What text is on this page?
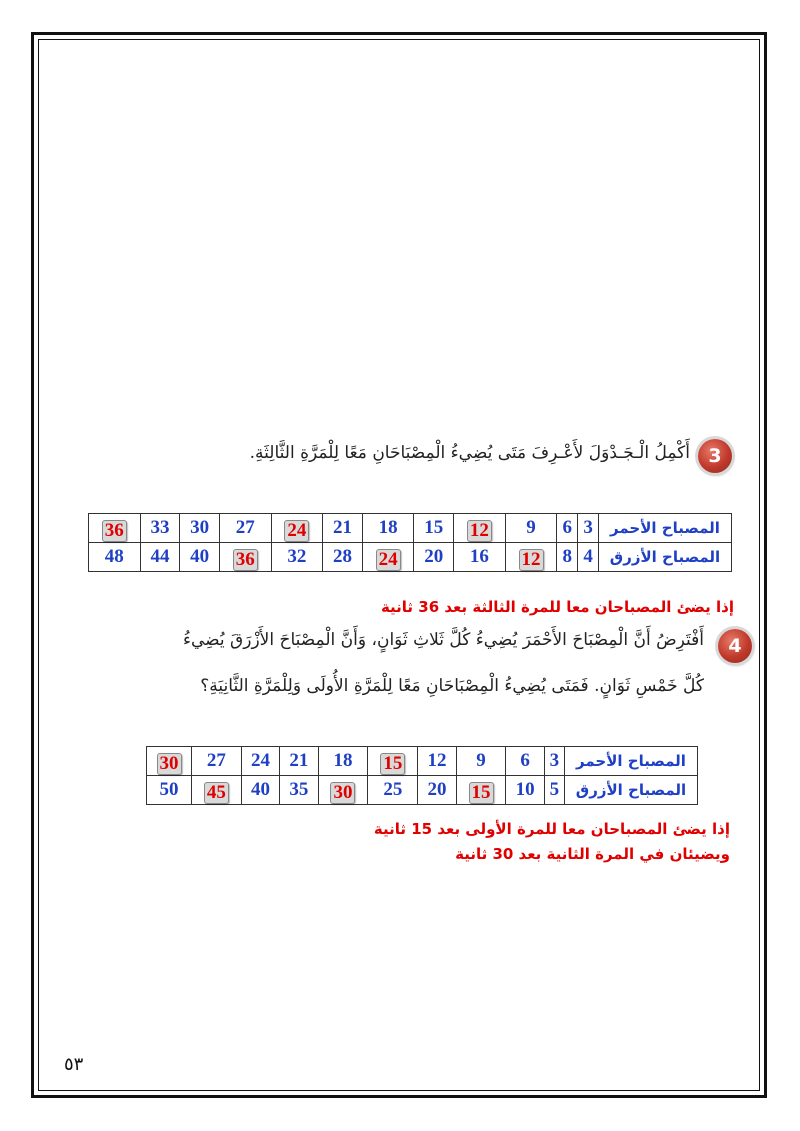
3
أَكْمِلُ الْـجَـدْوَلَ لأَعْـرِفَ مَتَى يُضِيءُ الْمِصْبَاحَانِ مَعًا لِلْمَرَّةِ الثَّالِثَةِ.
36	33	30	27	24	21	18	15	12	9	6	3	المصباح الأحمر
48	44	40	36	32	28	24	20	16	12	8	4	المصباح الأزرق
إذا يضئ المصباحان معا للمرة الثالثة بعد 36 ثانية
4
أَفْتَرِضُ أَنَّ الْمِصْبَاحَ الأَحْمَرَ يُضِيءُ كُلَّ ثَلاثِ ثَوَانٍ، وَأَنَّ الْمِصْبَاحَ الأَزْرَقَ يُضِيءُ
كُلَّ خَمْسِ ثَوَانٍ. فَمَتَى يُضِيءُ الْمِصْبَاحَانِ مَعًا لِلْمَرَّةِ الأُولَى وَلِلْمَرَّةِ الثَّانِيَةِ؟
30	27	24	21	18	15	12	9	6	3	المصباح الأحمر
50	45	40	35	30	25	20	15	10	5	المصباح الأزرق
إذا يضئ المصباحان معا للمرة الأولى بعد 15 ثانية
ويضيئان في المرة الثانية بعد 30 ثانية
٥٣
